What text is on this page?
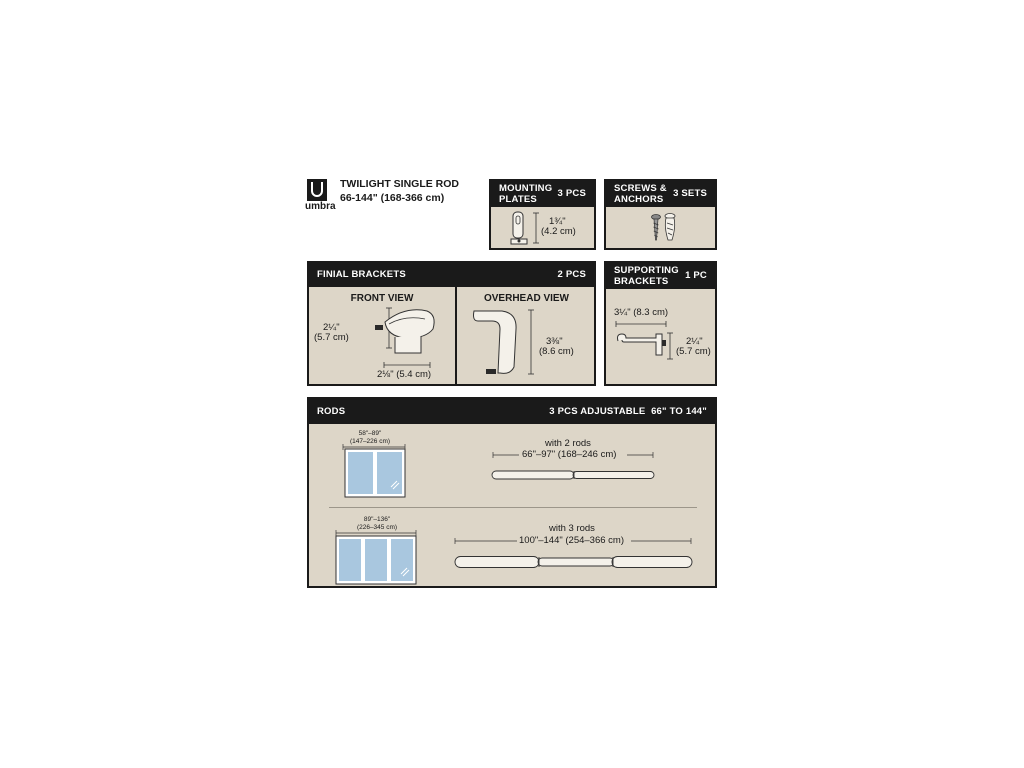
umbra
TWILIGHT SINGLE ROD
66-144" (168-366 cm)
MOUNTING
PLATES
3 PCS
1¾"
(4.2 cm)
SCREWS &
ANCHORS
3 SETS
FINIAL BRACKETS	2 PCS
FRONT VIEW
2¼"
(5.7 cm)
2⅛" (5.4 cm)
OVERHEAD VIEW
3⅜"
(8.6 cm)
SUPPORTING
BRACKETS
1 PC
3¼" (8.3 cm)
2¼"
(5.7 cm)
RODS	3 PCS ADJUSTABLE  66" TO 144"
58"–89"
(147–226 cm)	with 2 rods
66"–97" (168–246 cm)
89"–136"
(226–345 cm)	with 3 rods
100"–144" (254–366 cm)
